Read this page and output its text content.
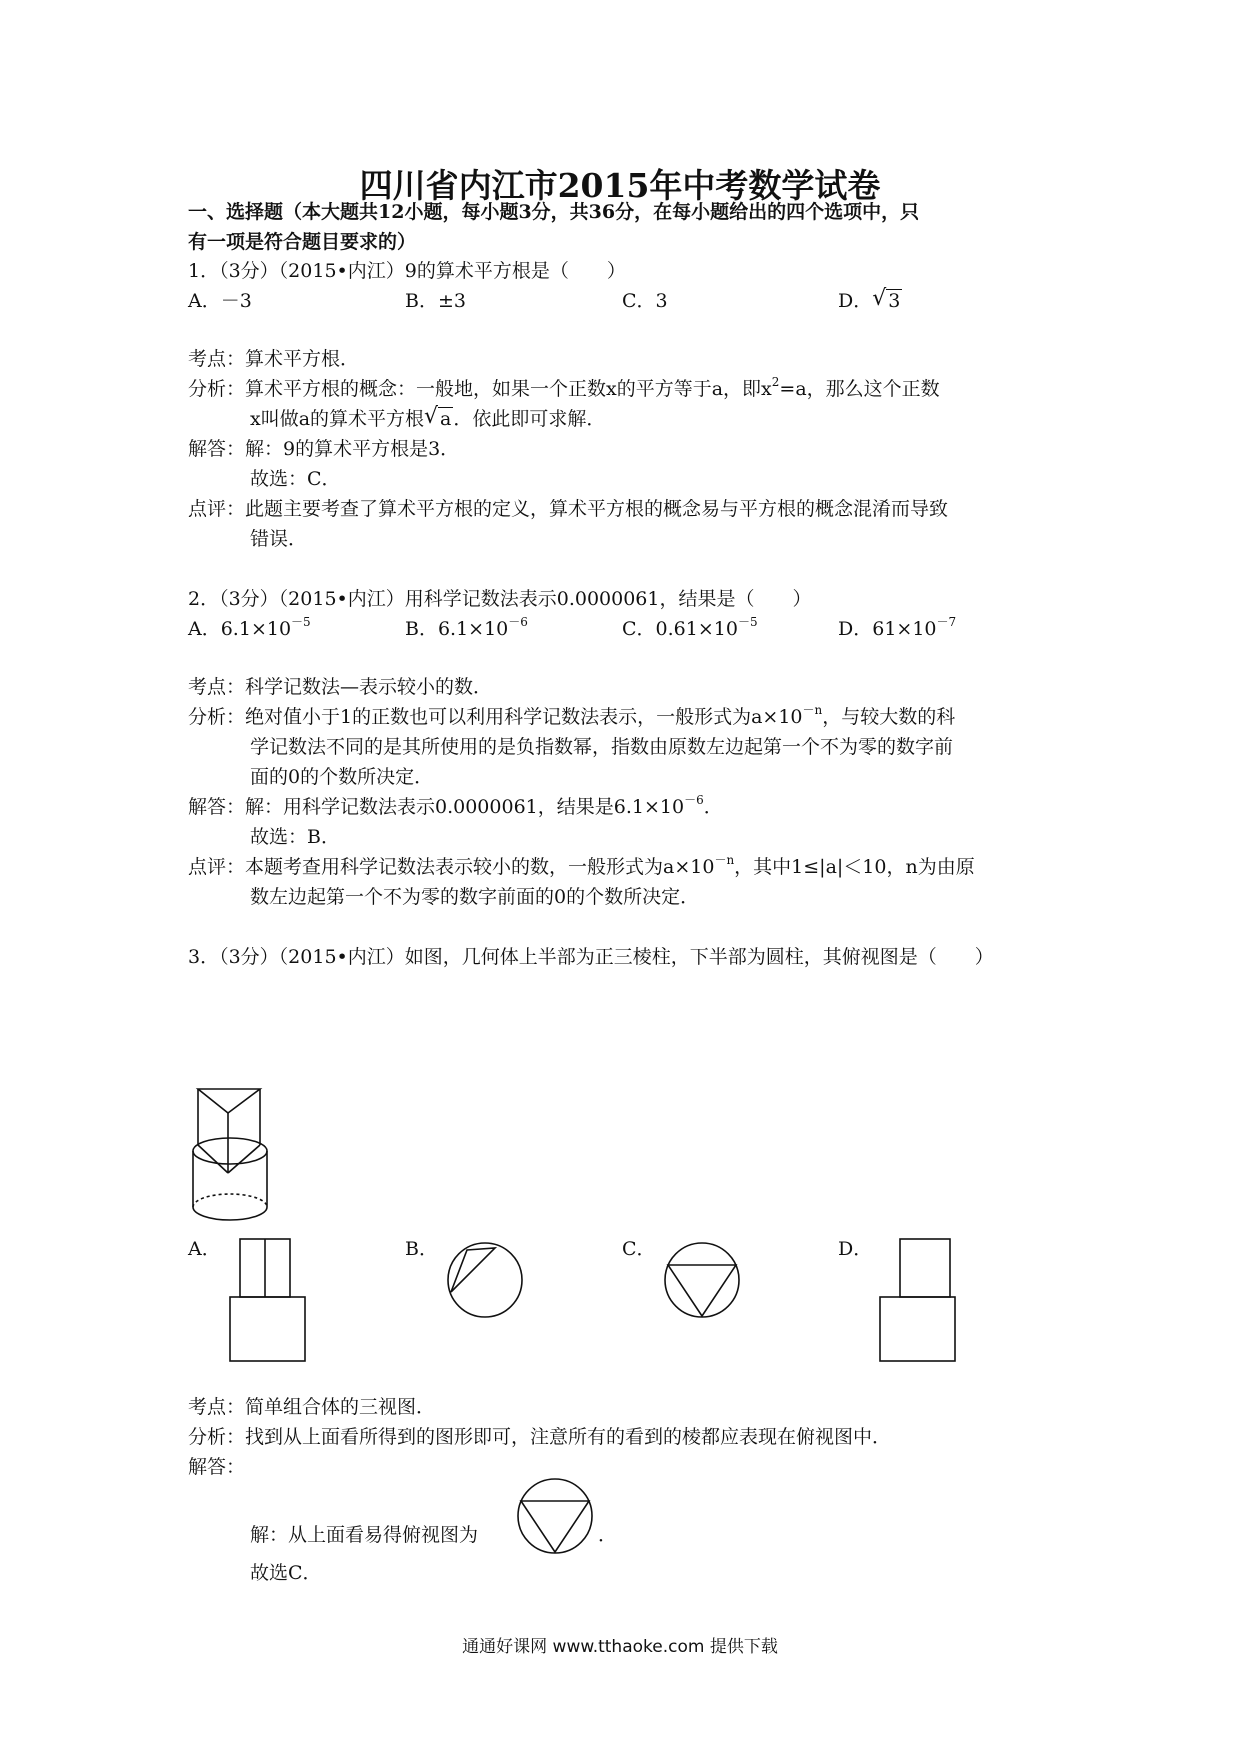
四川省内江市2015年中考数学试卷
一、选择题（本大题共12小题，每小题3分，共36分，在每小题给出的四个选项中，只
有一项是符合题目要求的）
1．（3分）（2015•内江）9的算术平方根是（　　）
A．－3	B．±3	C．3	D． √ 3
考点：算术平方根．
分析：算术平方根的概念：一般地，如果一个正数x的平方等于a，即$x^2=a$，那么这个正数
x叫做a的算术平方根 √ a ．依此即可求解．
解答：解：9的算术平方根是3．
故选：C．
点评：此题主要考查了算术平方根的定义，算术平方根的概念易与平方根的概念混淆而导致
错误．
2．（3分）（2015•内江）用科学记数法表示0.0000061，结果是（　　）
A．$6.1\times 10^{-5}$	B．$6.1\times 10^{-6}$	C．$0.61\times 10^{-5}$	D．$61\times 10^{-7}$
考点：科学记数法—表示较小的数．
分析：绝对值小于1的正数也可以利用科学记数法表示，一般形式为$a\times 10^{-n}$，与较大数的科
学记数法不同的是其所使用的是负指数幂，指数由原数左边起第一个不为零的数字前
面的0的个数所决定．
解答：解：用科学记数法表示0.0000061，结果是$6.1\times 10^{-6}$．
故选：B．
点评：本题考查用科学记数法表示较小的数，一般形式为$a\times 10^{-n}$，其中1≤|a|＜10，n为由原
数左边起第一个不为零的数字前面的0的个数所决定．
3．（3分）（2015•内江）如图，几何体上半部为正三棱柱，下半部为圆柱，其俯视图是（　　）
A．	B．	C．	D．
考点：简单组合体的三视图．
分析：找到从上面看所得到的图形即可，注意所有的看到的棱都应表现在俯视图中．
解答：
解：从上面看易得俯视图为	．
故选C．
通通好课网 www.tthaoke.com 提供下载
